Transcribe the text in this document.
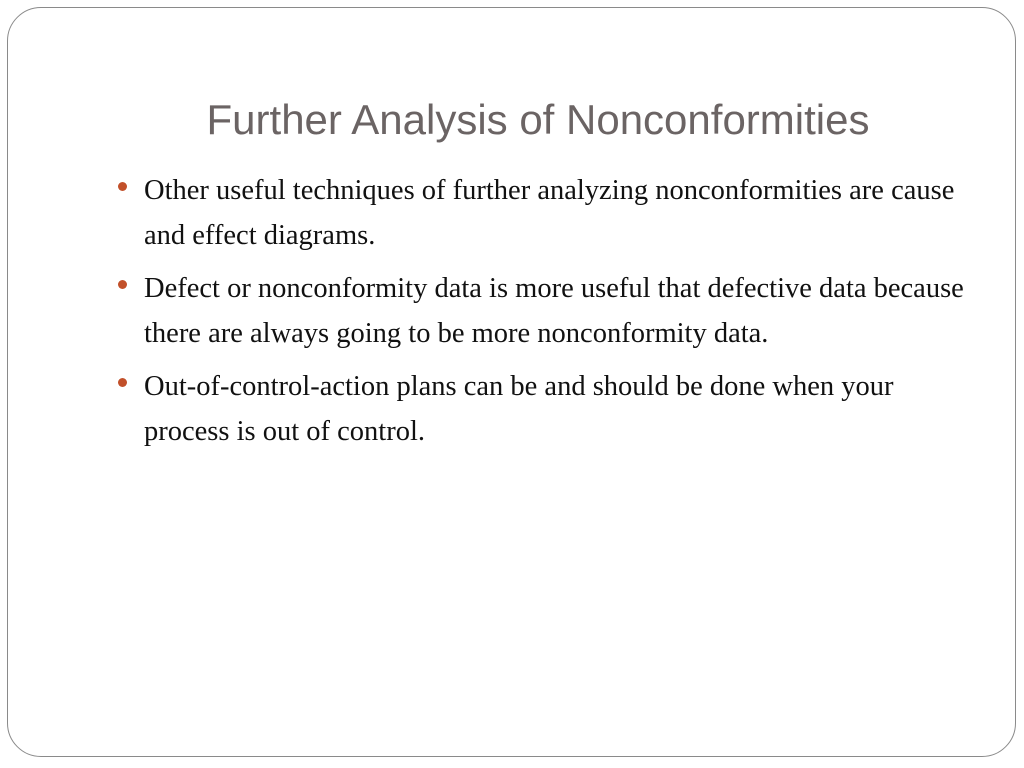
Further Analysis of Nonconformities
Other useful techniques of further analyzing nonconformities are cause and effect diagrams.
Defect or nonconformity data is more useful that defective data because there are always going to be more nonconformity data.
Out-of-control-action plans can be and should be done when your process is out of control.
